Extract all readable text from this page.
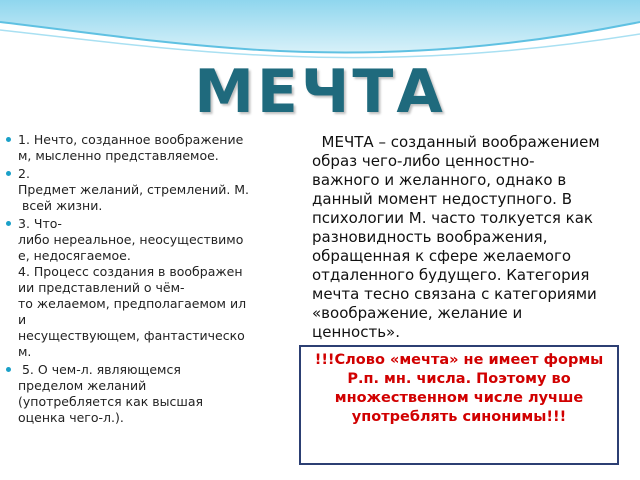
МЕЧТА
1. Нечто, созданное воображение
м, мысленно представляемое.
2.
Предмет желаний, стремлений. М.
всей жизни.
3. Что-
либо нереальное, неосуществимо
е, недосягаемое.
4. Процесс создания в воображен
ии представлений о чём-
то желаемом, предполагаемом ил
и
несуществующем, фантастическо
м.
5. О чем-л. являющемся
пределом желаний
(употребляется как высшая
оценка чего-л.).
МЕЧТА – созданный воображением
образ чего-либо ценностно-
важного и желанного, однако в
данный момент недоступного. В
психологии М. часто толкуется как
разновидность воображения,
обращенная к сфере желаемого
отдаленного будущего. Категория
мечта тесно связана с категориями
«воображение, желание и
ценность».
!!!Слово «мечта» не имеет формы Р.п. мн. числа. Поэтому во множественном числе лучше употреблять синонимы!!!
